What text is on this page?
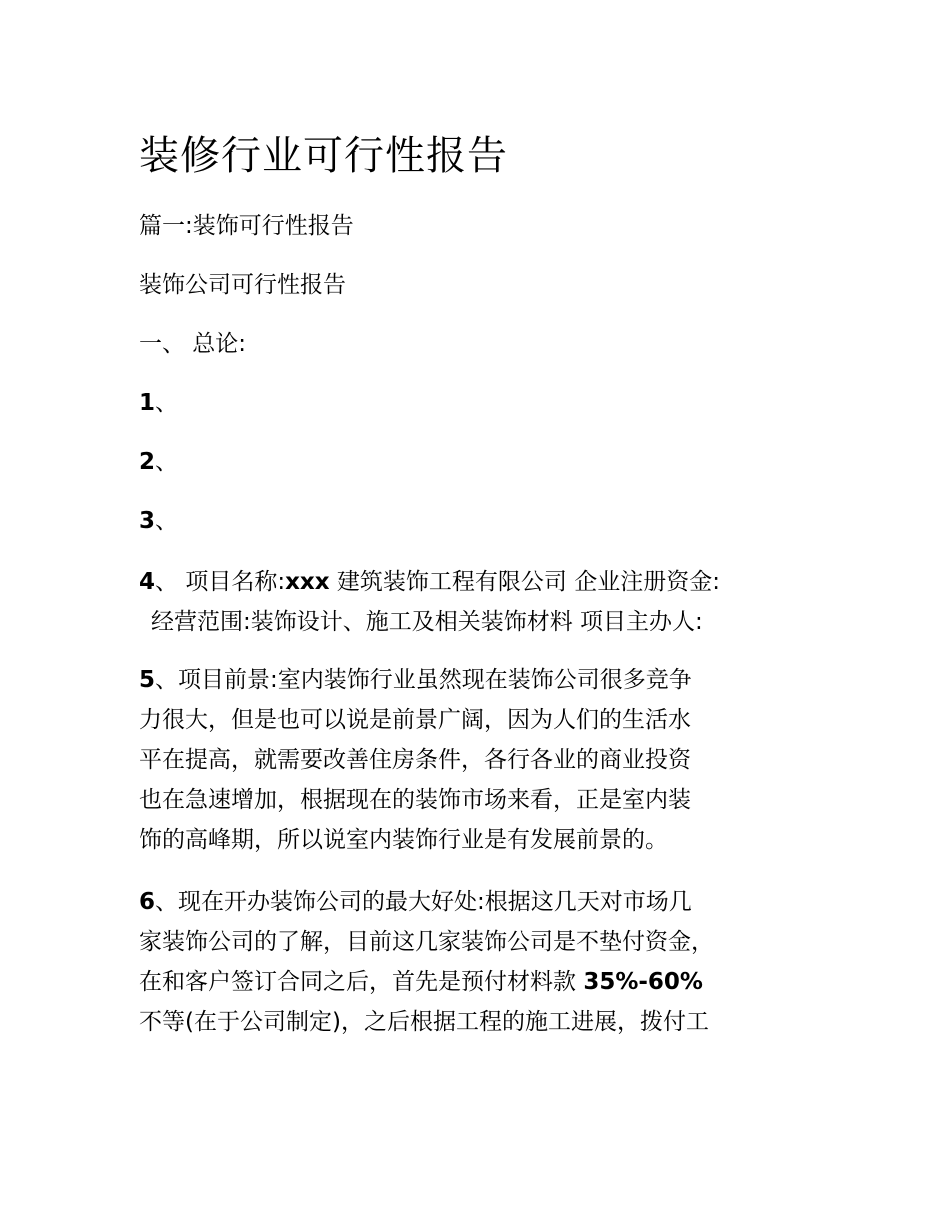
装修行业可行性报告
篇一:装饰可行性报告
装饰公司可行性报告
一、 总论:
1、
2、
3、
4、 项目名称:xxx 建筑装饰工程有限公司 企业注册资金:
经营范围:装饰设计、施工及相关装饰材料 项目主办人:
5、项目前景:室内装饰行业虽然现在装饰公司很多竞争
力很大，但是也可以说是前景广阔，因为人们的生活水
平在提高，就需要改善住房条件，各行各业的商业投资
也在急速增加，根据现在的装饰市场来看，正是室内装
饰的高峰期，所以说室内装饰行业是有发展前景的。
6、现在开办装饰公司的最大好处:根据这几天对市场几
家装饰公司的了解，目前这几家装饰公司是不垫付资金，
在和客户签订合同之后，首先是预付材料款 35%-60%
不等(在于公司制定)，之后根据工程的施工进展，拨付工
